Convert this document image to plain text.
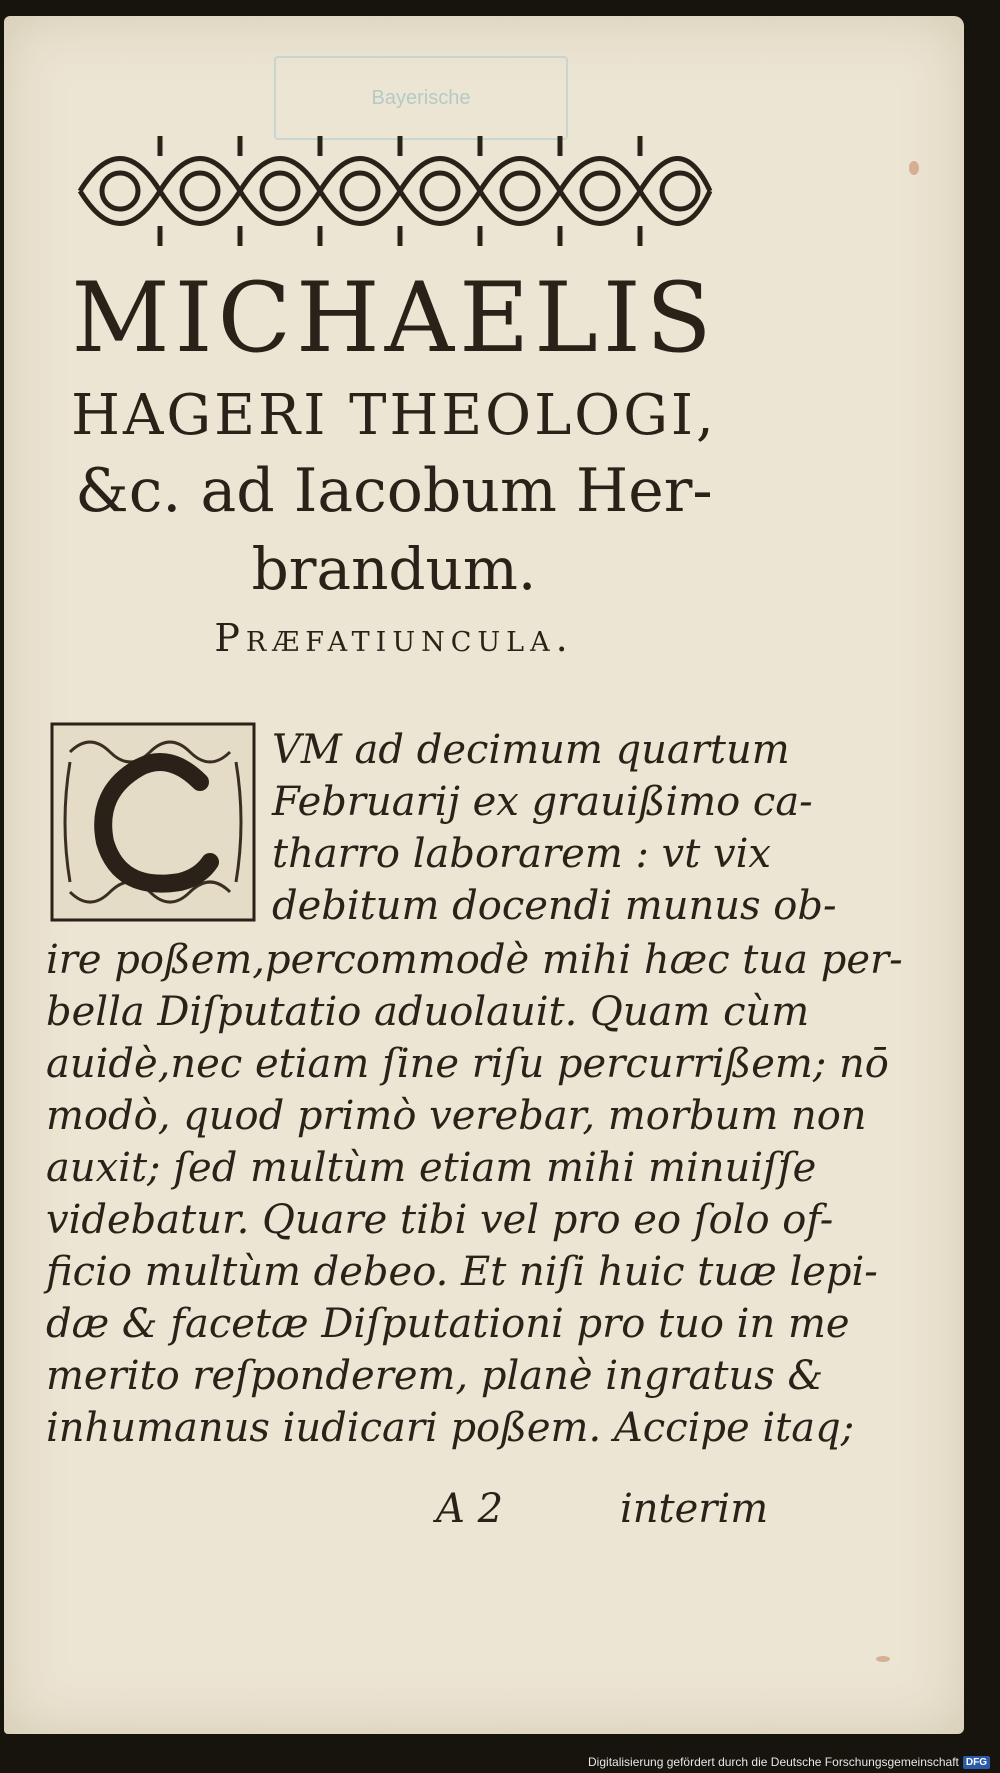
Bayerische
MICHAELIS
HAGERI THEOLOGI,
&c. ad Iacobum Her-
brandum.
Præfatiuncula.
VM ad decimum quartum
Februarij ex grauißimo ca-
tharro laborarem : vt vix
debitum docendi munus ob-
ire poßem,percommodè mihi hæc tua per-
bella Diſputatio aduolauit. Quam cùm
auidè,nec etiam ſine riſu percurrißem; nō
modò, quod primò verebar, morbum non
auxit; ſed multùm etiam mihi minuiſſe
videbatur. Quare tibi vel pro eo ſolo of-
ficio multùm debeo. Et niſi huic tuæ lepi-
dæ & facetæ Diſputationi pro tuo in me
merito reſponderem, planè ingratus &
inhumanus iudicari poßem. Accipe itaq;
A 2	interim
Digitalisierung gefördert durch die Deutsche Forschungsgemeinschaft DFG
